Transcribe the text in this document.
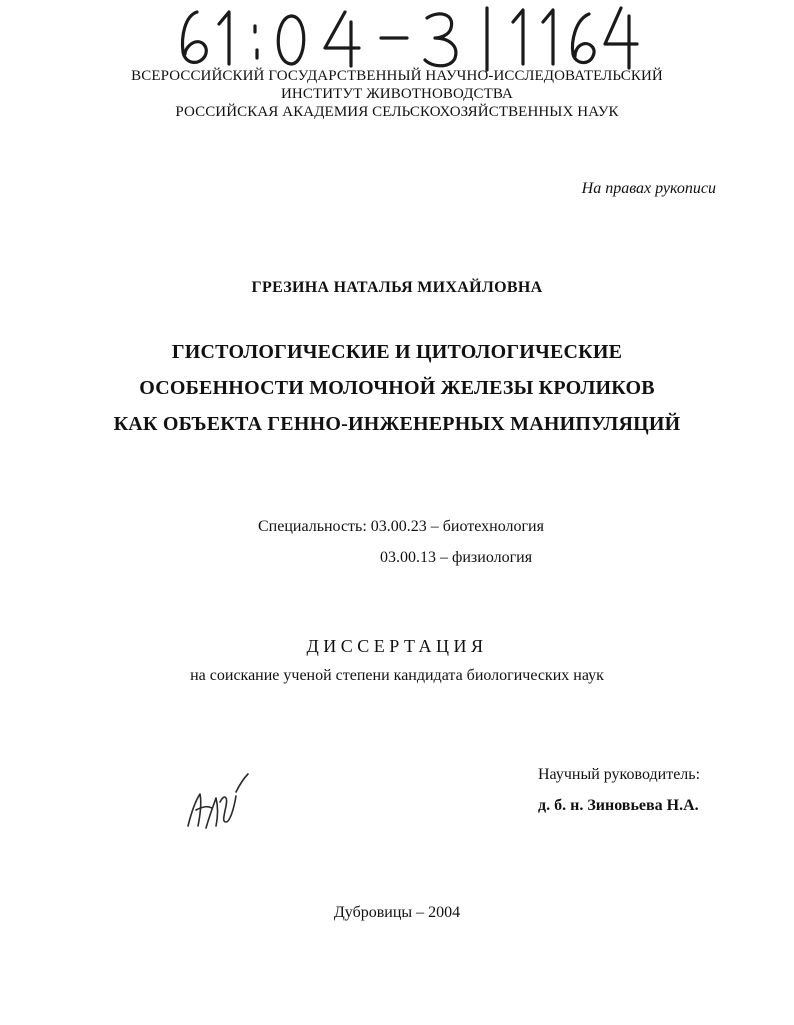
ВСЕРОССИЙСКИЙ ГОСУДАРСТВЕННЫЙ НАУЧНО-ИССЛЕДОВАТЕЛЬСКИЙ
ИНСТИТУТ ЖИВОТНОВОДСТВА
РОССИЙСКАЯ АКАДЕМИЯ СЕЛЬСКОХОЗЯЙСТВЕННЫХ НАУК
На правах рукописи
ГРЕЗИНА НАТАЛЬЯ МИХАЙЛОВНА
ГИСТОЛОГИЧЕСКИЕ И ЦИТОЛОГИЧЕСКИЕ
ОСОБЕННОСТИ МОЛОЧНОЙ ЖЕЛЕЗЫ КРОЛИКОВ
КАК ОБЪЕКТА ГЕННО-ИНЖЕНЕРНЫХ МАНИПУЛЯЦИЙ
Специальность: 03.00.23 – биотехнология
03.00.13 – физиология
ДИССЕРТАЦИЯ
на соискание ученой степени кандидата биологических наук
Научный руководитель:
д. б. н. Зиновьева Н.А.
Дубровицы – 2004
